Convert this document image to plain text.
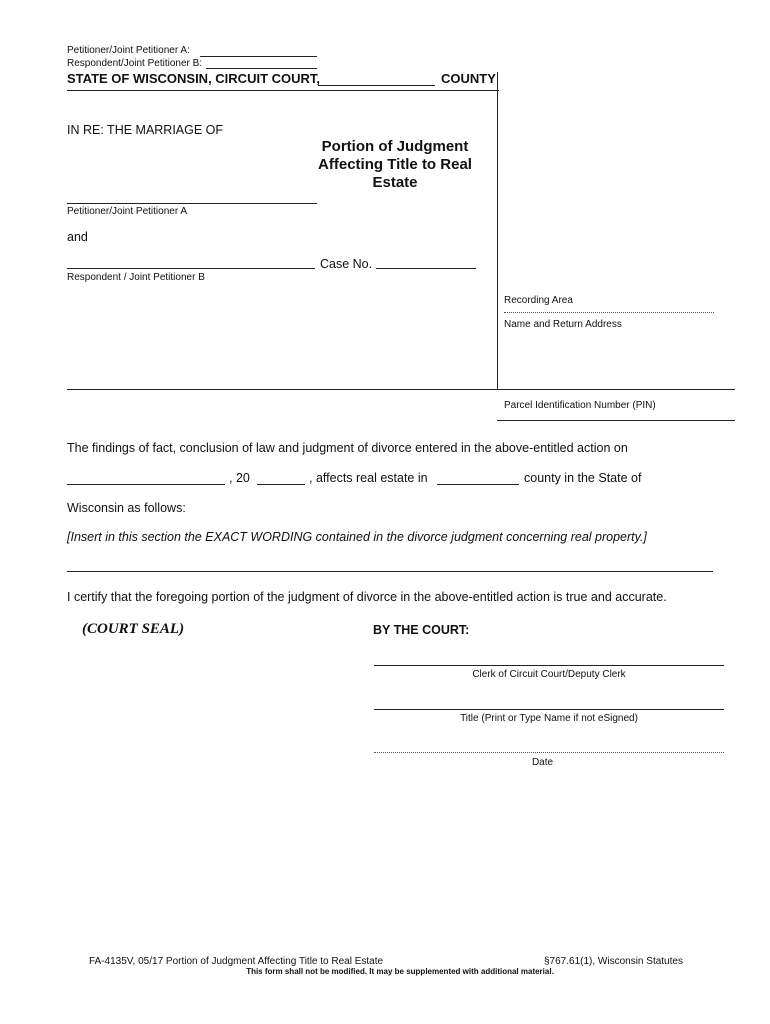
Petitioner/Joint Petitioner A:
Respondent/Joint Petitioner B:
STATE OF WISCONSIN, CIRCUIT COURT,	COUNTY
IN RE: THE MARRIAGE OF
Portion of Judgment Affecting Title to Real Estate
Petitioner/Joint Petitioner A
and
Case No.
Respondent / Joint Petitioner B
Recording Area
Name and Return Address
Parcel Identification Number (PIN)
The findings of fact, conclusion of law and judgment of divorce entered in the above-entitled action on
, 20	, affects real estate in	county in the State of
Wisconsin as follows:
[Insert in this section the EXACT WORDING contained in the divorce judgment concerning real property.]
I certify that the foregoing portion of the judgment of divorce in the above-entitled action is true and accurate.
(COURT SEAL)	BY THE COURT:
Clerk of Circuit Court/Deputy Clerk
Title (Print or Type Name if not eSigned)
Date
FA-4135V, 05/17 Portion of Judgment Affecting Title to Real Estate	§767.61(1), Wisconsin Statutes
This form shall not be modified. It may be supplemented with additional material.
